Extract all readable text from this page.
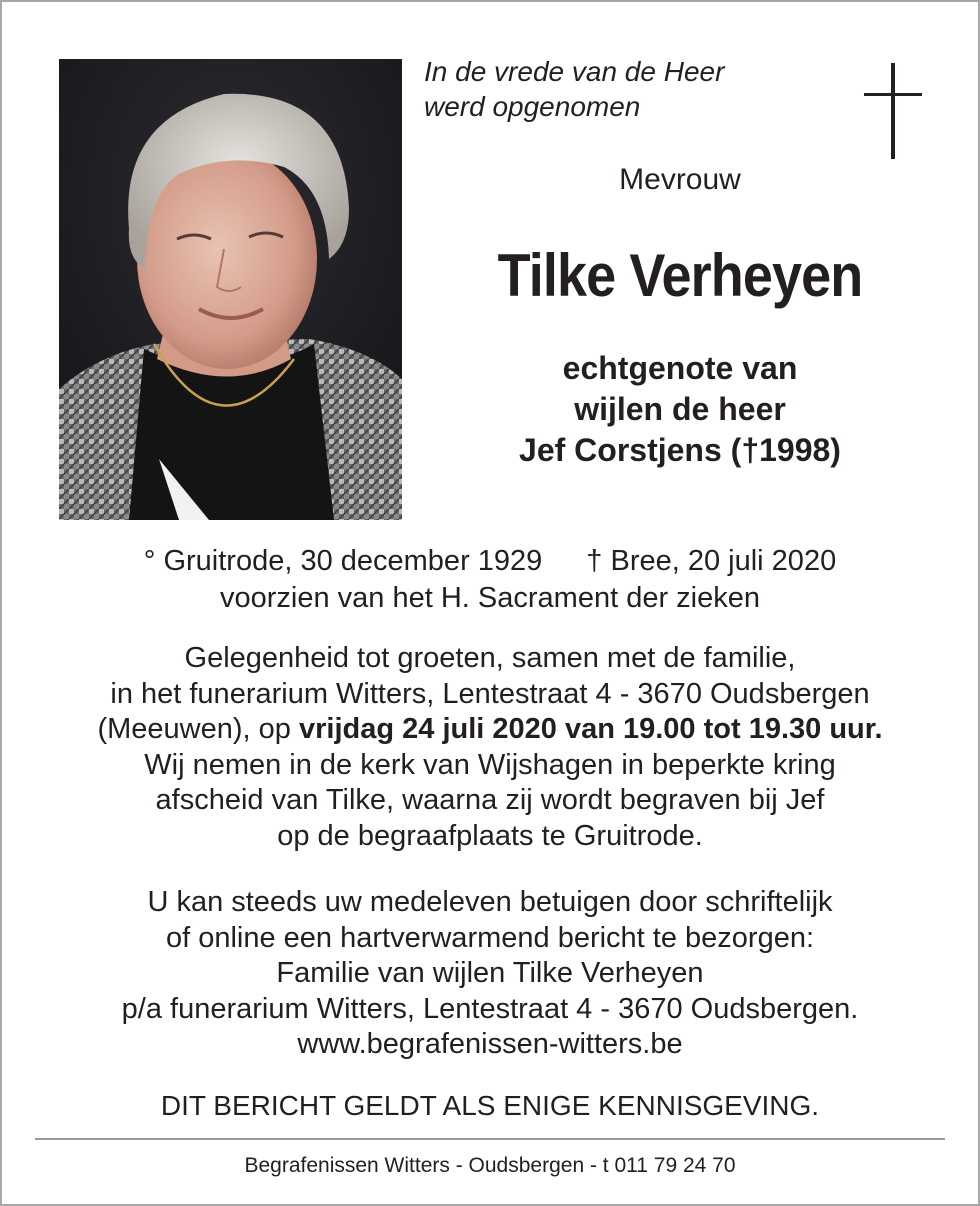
In de vrede van de Heer
werd opgenomen
Mevrouw
Tilke Verheyen
echtgenote van
wijlen de heer
Jef Corstjens (†1998)
° Gruitrode, 30 december 1929 † Bree, 20 juli 2020
voorzien van het H. Sacrament der zieken
Gelegenheid tot groeten, samen met de familie,
in het funerarium Witters, Lentestraat 4 - 3670 Oudsbergen
(Meeuwen), op vrijdag 24 juli 2020 van 19.00 tot 19.30 uur.
Wij nemen in de kerk van Wijshagen in beperkte kring
afscheid van Tilke, waarna zij wordt begraven bij Jef
op de begraafplaats te Gruitrode.
U kan steeds uw medeleven betuigen door schriftelijk
of online een hartverwarmend bericht te bezorgen:
Familie van wijlen Tilke Verheyen
p/a funerarium Witters, Lentestraat 4 - 3670 Oudsbergen.
www.begrafenissen-witters.be
DIT BERICHT GELDT ALS ENIGE KENNISGEVING.
Begrafenissen Witters - Oudsbergen - t 011 79 24 70
